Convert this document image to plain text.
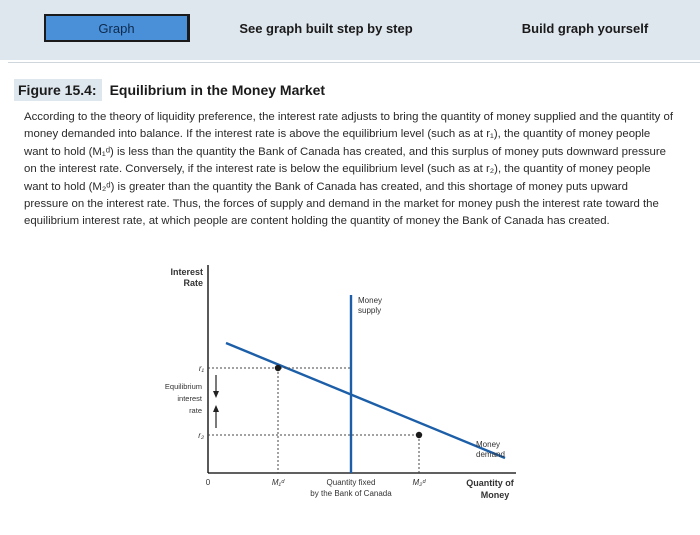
Graph	See graph built step by step	Build graph yourself
Figure 15.4: Equilibrium in the Money Market

According to the theory of liquidity preference, the interest rate adjusts to bring the quantity of money supplied and the quantity of money demanded into balance. If the interest rate is above the equilibrium level (such as at r₁), the quantity of money people want to hold (M₁ᵈ) is less than the quantity the Bank of Canada has created, and this surplus of money puts downward pressure on the interest rate. Conversely, if the interest rate is below the equilibrium level (such as at r₂), the quantity of money people want to hold (M₂ᵈ) is greater than the quantity the Bank of Canada has created, and this shortage of money puts upward pressure on the interest rate. Thus, the forces of supply and demand in the market for money push the interest rate toward the equilibrium interest rate, at which people are content holding the quantity of money the Bank of Canada has created.

Interest
Rate
Money
supply
Money
demand
r₁
r₂
Equilibrium
interest
rate
0	M₁ᵈ	M₂ᵈ
Quantity fixed
by the Bank of Canada
Quantity of
Money
